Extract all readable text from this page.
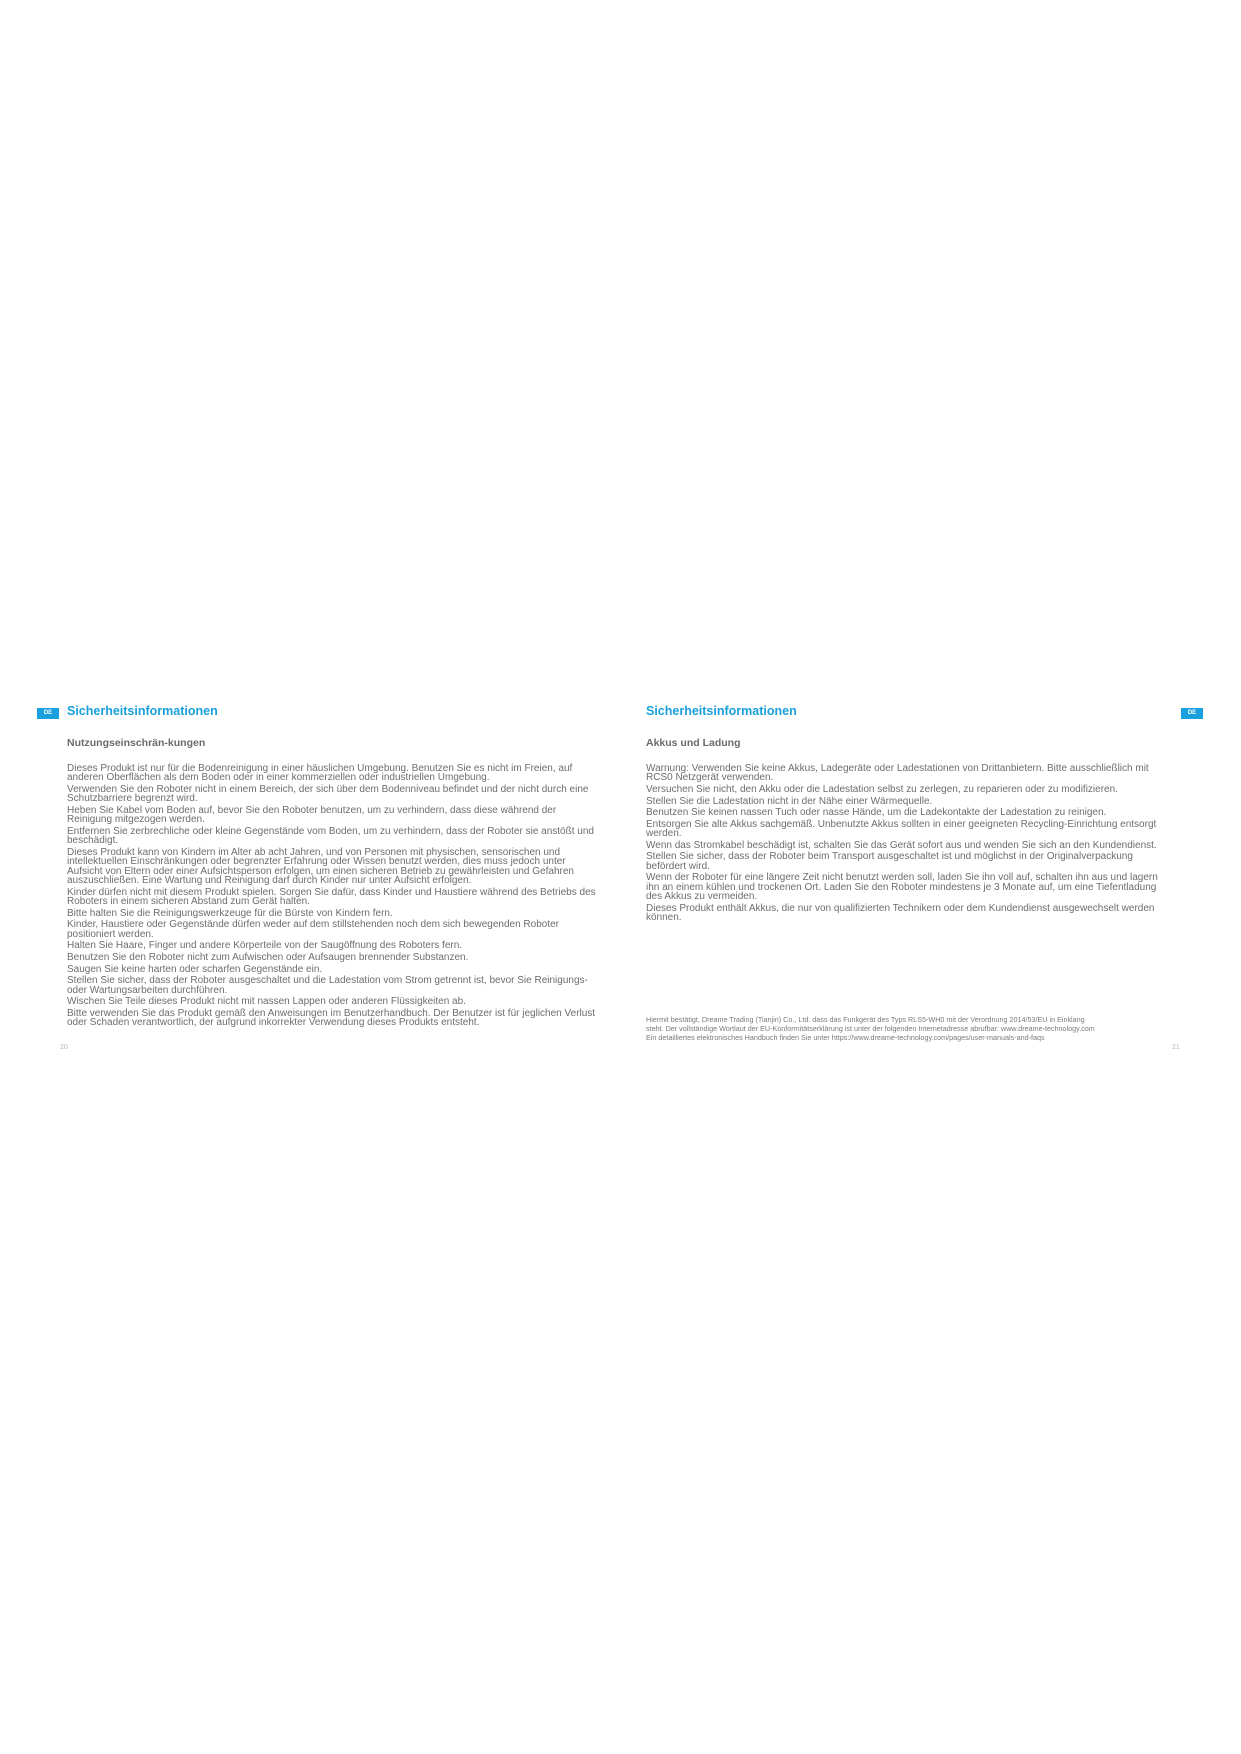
DE	Sicherheitsinformationen
Nutzungseinschrän-kungen
Dieses Produkt ist nur für die Bodenreinigung in einer häuslichen Umgebung. Benutzen Sie es nicht im Freien, auf anderen Oberflächen als dem Boden oder in einer kommerziellen oder industriellen Umgebung.
Verwenden Sie den Roboter nicht in einem Bereich, der sich über dem Bodenniveau befindet und der nicht durch eine Schutzbarriere begrenzt wird.
Heben Sie Kabel vom Boden auf, bevor Sie den Roboter benutzen, um zu verhindern, dass diese während der Reinigung mitgezogen werden.
Entfernen Sie zerbrechliche oder kleine Gegenstände vom Boden, um zu verhindern, dass der Roboter sie anstößt und beschädigt.
Dieses Produkt kann von Kindern im Alter ab acht Jahren, und von Personen mit physischen, sensorischen und intellektuellen Einschränkungen oder begrenzter Erfahrung oder Wissen benutzt werden, dies muss jedoch unter Aufsicht von Eltern oder einer Aufsichtsperson erfolgen, um einen sicheren Betrieb zu gewährleisten und Gefahren auszuschließen. Eine Wartung und Reinigung darf durch Kinder nur unter Aufsicht erfolgen.
Kinder dürfen nicht mit diesem Produkt spielen. Sorgen Sie dafür, dass Kinder und Haustiere während des Betriebs des Roboters in einem sicheren Abstand zum Gerät halten.
Bitte halten Sie die Reinigungswerkzeuge für die Bürste von Kindern fern.
Kinder, Haustiere oder Gegenstände dürfen weder auf dem stillstehenden noch dem sich bewegenden Roboter positioniert werden.
Halten Sie Haare, Finger und andere Körperteile von der Saugöffnung des Roboters fern.
Benutzen Sie den Roboter nicht zum Aufwischen oder Aufsaugen brennender Substanzen.
Saugen Sie keine harten oder scharfen Gegenstände ein.
Stellen Sie sicher, dass der Roboter ausgeschaltet und die Ladestation vom Strom getrennt ist, bevor Sie Reinigungs- oder Wartungsarbeiten durchführen.
Wischen Sie Teile dieses Produkt nicht mit nassen Lappen oder anderen Flüssigkeiten ab.
Bitte verwenden Sie das Produkt gemäß den Anweisungen im Benutzerhandbuch. Der Benutzer ist für jeglichen Verlust oder Schaden verantwortlich, der aufgrund inkorrekter Verwendung dieses Produkts entsteht.
20
DE
Sicherheitsinformationen
Akkus und Ladung
Warnung: Verwenden Sie keine Akkus, Ladegeräte oder Ladestationen von Drittanbietern. Bitte ausschließlich mit RCS0 Netzgerät verwenden.
Versuchen Sie nicht, den Akku oder die Ladestation selbst zu zerlegen, zu reparieren oder zu modifizieren.
Stellen Sie die Ladestation nicht in der Nähe einer Wärmequelle.
Benutzen Sie keinen nassen Tuch oder nasse Hände, um die Ladekontakte der Ladestation zu reinigen.
Entsorgen Sie alte Akkus sachgemäß. Unbenutzte Akkus sollten in einer geeigneten Recycling-Einrichtung entsorgt werden.
Wenn das Stromkabel beschädigt ist, schalten Sie das Gerät sofort aus und wenden Sie sich an den Kundendienst.
Stellen Sie sicher, dass der Roboter beim Transport ausgeschaltet ist und möglichst in der Originalverpackung befördert wird.
Wenn der Roboter für eine längere Zeit nicht benutzt werden soll, laden Sie ihn voll auf, schalten ihn aus und lagern ihn an einem kühlen und trockenen Ort. Laden Sie den Roboter mindestens je 3 Monate auf, um eine Tiefentladung des Akkus zu vermeiden.
Dieses Produkt enthält Akkus, die nur von qualifizierten Technikern oder dem Kundendienst ausgewechselt werden können.

Hiermit bestätigt, Dreame Trading (Tianjin) Co., Ltd. dass das Funkgerät des Typs RLS5-WH0 mit der Verordnung 2014/53/EU in Einklang

steht. Der vollständige Wortlaut der EU-Konformitätserklärung ist unter der folgenden Internetadresse abrufbar: www.dreame-technology.com

Ein detailliertes elektronisches Handbuch finden Sie unter https://www.dreame-technology.com/pages/user-manuals-and-faqs

21
